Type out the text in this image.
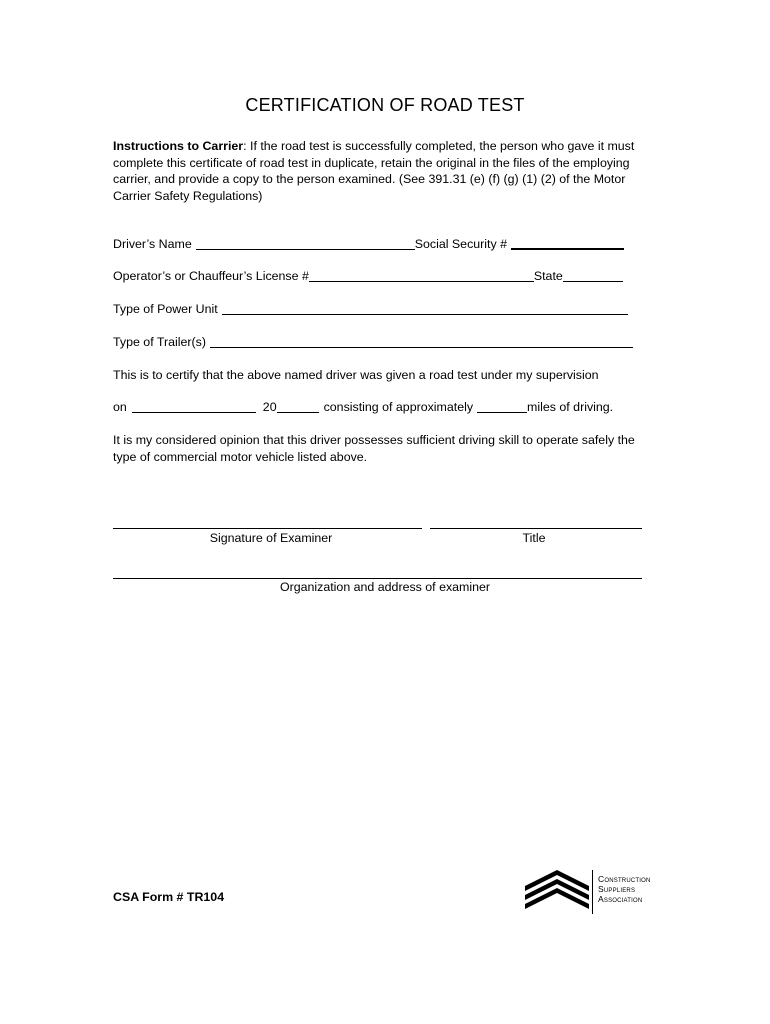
CERTIFICATION OF ROAD TEST
Instructions to Carrier: If the road test is successfully completed, the person who gave it must complete this certificate of road test in duplicate, retain the original in the files of the employing carrier, and provide a copy to the person examined. (See 391.31 (e) (f) (g) (1) (2) of the Motor Carrier Safety Regulations)
Driver’s Name	Social Security #
Operator’s or Chauffeur’s License #	State
Type of Power Unit
Type of Trailer(s)
This is to certify that the above named driver was given a road test under my supervision
on	20	consisting of approximately	miles of driving.
It is my considered opinion that this driver possesses sufficient driving skill to operate safely the type of commercial motor vehicle listed above.
Signature of Examiner	Title
Organization and address of examiner
CSA Form # TR104
Construction
Suppliers
Association
